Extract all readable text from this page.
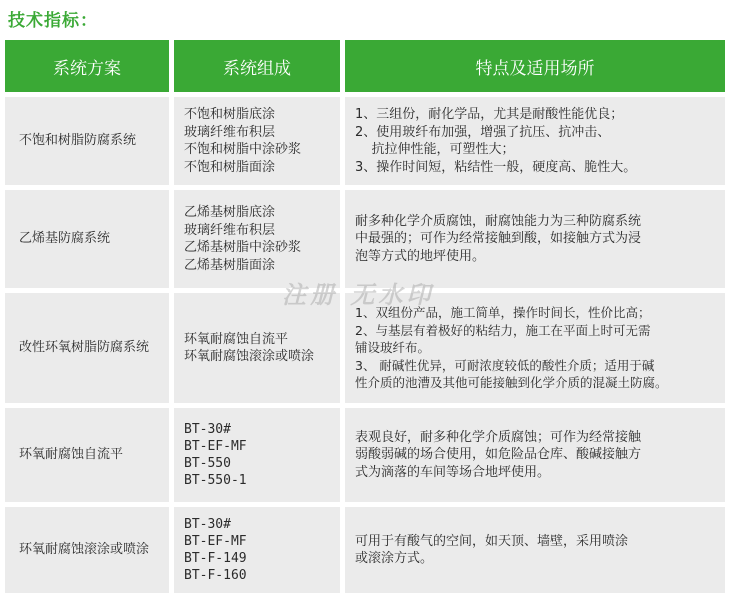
技术指标：
系统方案	系统组成	特点及适用场所
不饱和树脂防腐系统
不饱和树脂底涂
玻璃纤维布积层
不饱和树脂中涂砂浆
不饱和树脂面涂
1、三组份，耐化学品，尤其是耐酸性能优良；
2、使用玻纤布加强，增强了抗压、抗冲击、
抗拉伸性能，可塑性大；
3、操作时间短，粘结性一般，硬度高、脆性大。
乙烯基防腐系统
乙烯基树脂底涂
玻璃纤维布积层
乙烯基树脂中涂砂浆
乙烯基树脂面涂
耐多种化学介质腐蚀，耐腐蚀能力为三种防腐系统
中最强的；可作为经常接触到酸，如接触方式为浸
泡等方式的地坪使用。
改性环氧树脂防腐系统
环氧耐腐蚀自流平
环氧耐腐蚀滚涂或喷涂
1、双组份产品，施工简单，操作时间长，性价比高；
2、与基层有着极好的粘结力，施工在平面上时可无需
铺设玻纤布。
3、 耐碱性优异，可耐浓度较低的酸性介质；适用于碱
性介质的池漕及其他可能接触到化学介质的混凝土防腐。
环氧耐腐蚀自流平
BT-30#
BT-EF-MF
BT-550
BT-550-1
表观良好，耐多种化学介质腐蚀；可作为经常接触
弱酸弱碱的场合使用，如危险品仓库、酸碱接触方
式为滴落的车间等场合地坪使用。
环氧耐腐蚀滚涂或喷涂
BT-30#
BT-EF-MF
BT-F-149
BT-F-160
可用于有酸气的空间，如天顶、墙壁，采用喷涂
或滚涂方式。
注册 无水印
